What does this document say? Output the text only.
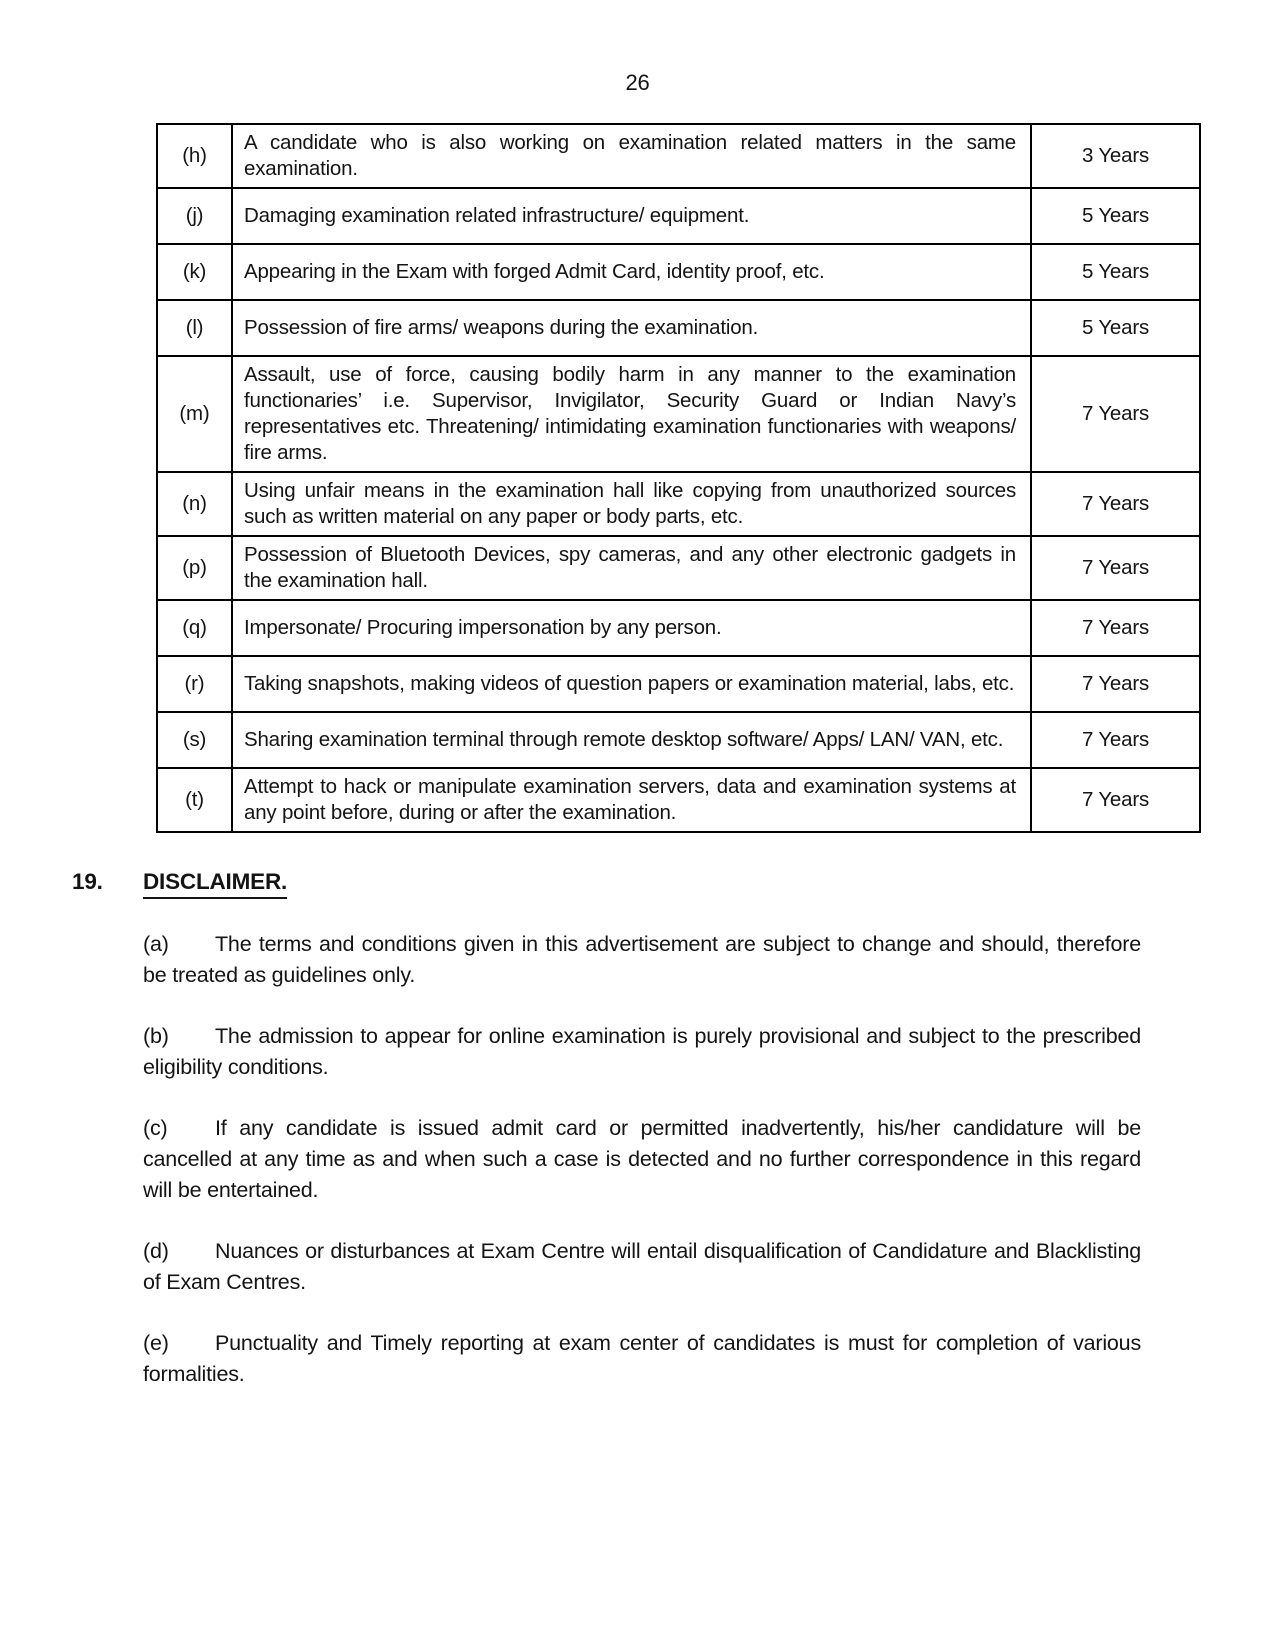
26
(h)	A candidate who is also working on examination related matters in the same examination.	3 Years
(j)	Damaging examination related infrastructure/ equipment.	5 Years
(k)	Appearing in the Exam with forged Admit Card, identity proof, etc.	5 Years
(l)	Possession of fire arms/ weapons during the examination.	5 Years
(m)	Assault, use of force, causing bodily harm in any manner to the examination functionaries’ i.e. Supervisor, Invigilator, Security Guard or Indian Navy’s representatives etc. Threatening/ intimidating examination functionaries with weapons/ fire arms.	7 Years
(n)	Using unfair means in the examination hall like copying from unauthorized sources such as written material on any paper or body parts, etc.	7 Years
(p)	Possession of Bluetooth Devices, spy cameras, and any other electronic gadgets in the examination hall.	7 Years
(q)	Impersonate/ Procuring impersonation by any person.	7 Years
(r)	Taking snapshots, making videos of question papers or examination material, labs, etc.	7 Years
(s)	Sharing examination terminal through remote desktop software/ Apps/ LAN/ VAN, etc.	7 Years
(t)	Attempt to hack or manipulate examination servers, data and examination systems at any point before, during or after the examination.	7 Years
19.	DISCLAIMER.

(a) The terms and conditions given in this advertisement are subject to change and should, therefore be treated as guidelines only.

(b) The admission to appear for online examination is purely provisional and subject to the prescribed eligibility conditions.

(c) If any candidate is issued admit card or permitted inadvertently, his/her candidature will be cancelled at any time as and when such a case is detected and no further correspondence in this regard will be entertained.

(d) Nuances or disturbances at Exam Centre will entail disqualification of Candidature and Blacklisting of Exam Centres.

(e) Punctuality and Timely reporting at exam center of candidates is must for completion of various formalities.
